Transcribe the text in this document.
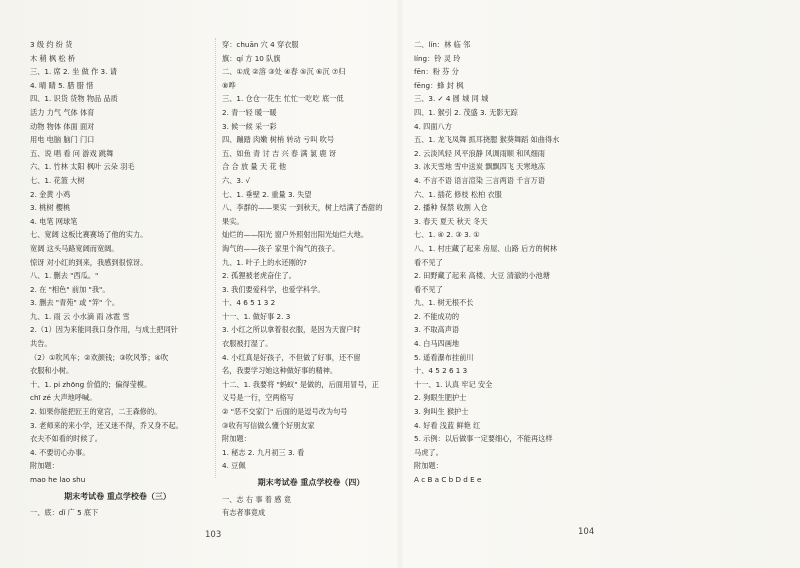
3 级 约 纷 货
木 稍 枫 松 桥
三、1. 席 2. 坐 做 作 3. 请
4. 晴 睛 5. 腊 腊 惜
四、1. 识货 货物 物品 品质
活力 力气 气体 体育
动物 物体 体面 面对
用电 电脑 脑门 门口
五、说 唱 看 问 游戏 跳舞
六、1. 竹林 太阳 枫叶 云朵 羽毛
七、1. 花篮 大树
2. 金黄 小鸡
3. 桃树 樱桃
4. 电笔 网球笔
七、宽阔 这板比赛赛场了他的实力。
宽阔 这头马路宽阔而宽阔。
惊讶 对小红的到来，我感到很惊讶。
八、1. 删去 "西瓜。"
2. 在 "相色" 前加 "我"。
3. 删去 "青苑" 或 "笄" 个。
九、1. 雨 云 小水滴 雨 冰雹 雪
2.（1）因为来能同我口身作用，与成土把同针
共告。
（2）①吹风车；②欢颜钱；③吹风筝；④吹
衣服和小树。
十、1. pi zhōng 价值的；偏得莹模。
chī zé 大声地呼喊。
2. 如果你能把匠王的宽宫，二王森修的。
3. 老师来的来小学，还又迷不得，乔又身不起。
衣夫不如看的时候了。
4. 不要切心办事。
附加题：
mao he lao shu
期末考试卷 重点学校卷（三）
一、底：dǐ 广 5 底下
穿：chuān 穴 4 穿衣服
旗：qí 方 10 队旗
二、①成 ②溶 ③处 ④春 ⑤沉 ⑥沉 ⑦归
⑧哗
三、1. 仓仓一花生 忙忙一吃吃 底一低
2. 青一轻 暖一暖
3. 候一候 采一彩
四、蹦踏 肉嫩 树梢 转动 亏叫 吹号
五、如鱼 青 讨 吉 兴 春 满 氯 鹿 讶
合 合 放 量 天 花 他
六、3. √
七、1. 垂壁 2. 重量 3. 失望
八、李群的——果实 一到秋天，树上结满了香甜的
果实。
灿烂的——阳光 窗户外照射出阳光灿烂大地。
淘气的——孩子 家里个淘气的孩子。
九、1. 叶子上的水还刚的?
2. 孤狸被老虎奋住了。
3. 我们要爱科学，也爱学科学。
十、4 6 5 1 3 2
十一、1. 做好事 2. 3
3. 小红之所以拿着很衣服，是因为天窗户时
衣服被打湿了。
4. 小红真是好孩子，不但做了好事，还不留
名，我要学习她这种做好事的精神。
十二、1. 我要将 "蚂蚁" 是做的，后面用冒号，正
义号是一行，空两格写
② "恶不交家门" 后面的是逗号改为句号
③收有写信做么懂个好朋友家
附加题：
1. 秘志 2. 九月初三 3. 看
4. 豆佩
期末考试卷 重点学校卷（四）
一、志 右 事 着 感 竟
有志者事竟成
二、lín：林 临 邻
líng：铃 灵 玲
fēn：粉 芬 分
fēng：蜂 封 枫
三、3. ✓ 4 圆 城 同 城
四、1. 猴引 2. 茂盛 3. 无影无踪
4. 四面八方
五、1. 龙飞凤舞 抓耳挠腮 猴葵舞蹈 如曲得水
2. 云淡风轻 风平浪静 风调雨顺 和风细雨
3. 冰天雪地 雪中送炭 飘飘四飞 天寒地冻
4. 不言不语 语言渲染 三言两语 千言万语
六、1. 插花 修枝 松柏 衣服
2. 播种 保禁 收割 入仓
3. 春天 夏天 秋天 冬天
七、1. ④ 2. ③ 3. ①
八、1. 村庄藏了起来 房屋、山路 后方的树林
看不见了
2. 田野藏了起来 高楼、大豆 清澈的小池塘
看不见了
九、1. 树无根不长
2. 不能成功的
3. 不取高声语
4. 白马四画地
5. 遥看瀑布挂前川
十、4 5 2 6 1 3
十一、1. 认真 牢记 安全
2. 狗眼生肥护士
3. 狗叫生 猴护士
4. 好看 浅蓝 鲜艳 红
5. 示例：以后做事一定要细心，不能再这样
马虎了。
附加题：
A c B a C b D d E e
103	104
